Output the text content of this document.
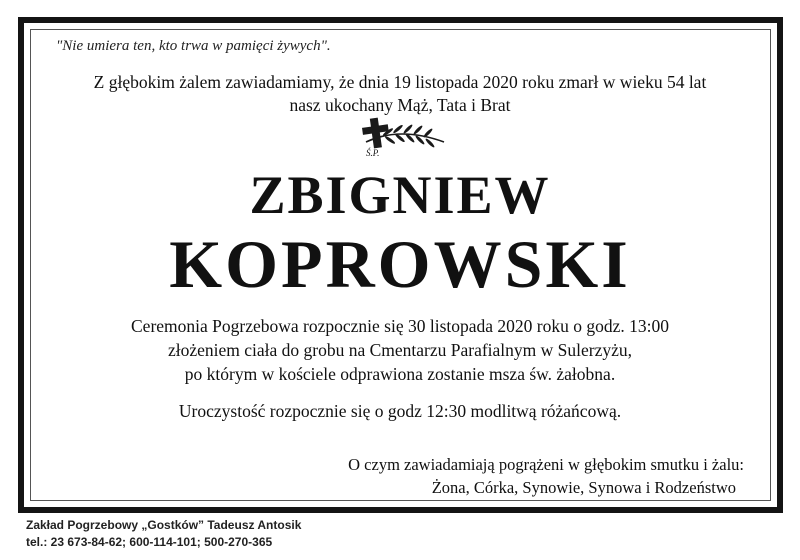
"Nie umiera ten, kto trwa w pamięci żywych".
Z głębokim żalem zawiadamiamy, że dnia 19 listopada 2020 roku zmarł w wieku 54 lat
nasz ukochany Mąż, Tata i Brat
Ś.P.
ZBIGNIEW
KOPROWSKI
Ceremonia Pogrzebowa rozpocznie się 30 listopada 2020 roku o godz. 13:00
złożeniem ciała do grobu na Cmentarzu Parafialnym w Sulerzyżu,
po którym w kościele odprawiona zostanie msza św. żałobna.
Uroczystość rozpocznie się o godz 12:30 modlitwą różańcową.
O czym zawiadamiają pogrążeni w głębokim smutku i żalu:
Żona, Córka, Synowie, Synowa i Rodzeństwo
Zakład Pogrzebowy „Gostków” Tadeusz Antosik
tel.: 23 673-84-62; 600-114-101; 500-270-365
